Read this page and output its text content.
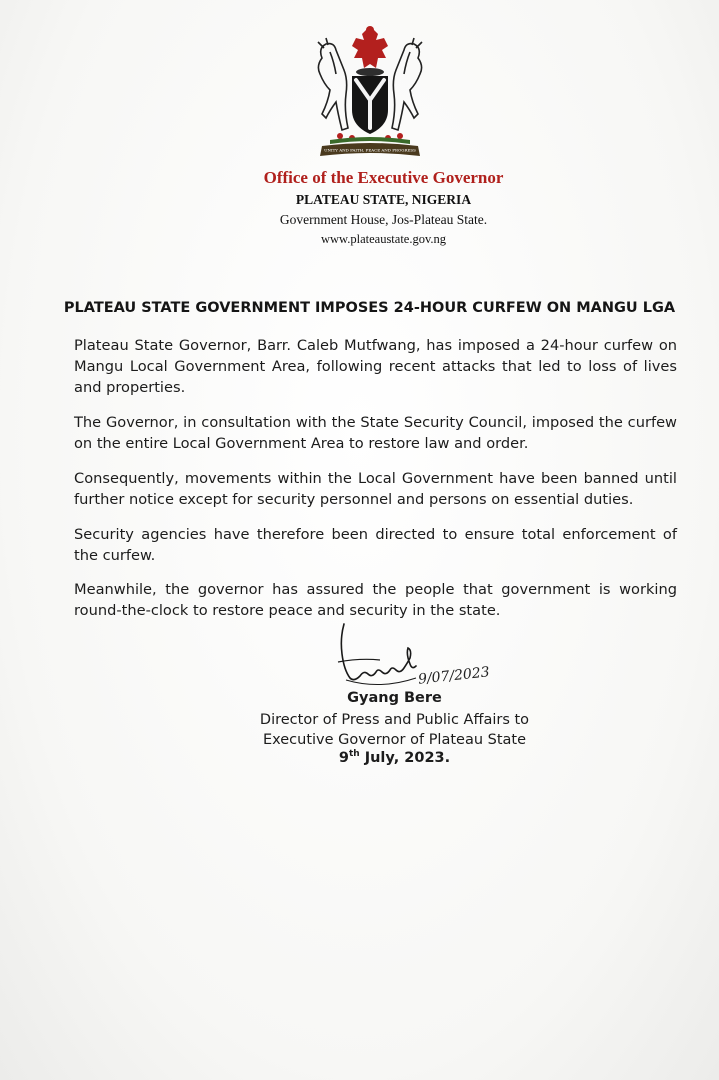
UNITY AND FAITH, PEACE AND PROGRESS
Office of the Executive Governor
PLATEAU STATE, NIGERIA
Government House, Jos-Plateau State.
www.plateaustate.gov.ng
PLATEAU STATE GOVERNMENT IMPOSES 24-HOUR CURFEW ON MANGU LGA
Plateau State Governor, Barr. Caleb Mutfwang, has imposed a 24-hour curfew on Mangu Local Government Area, following recent attacks that led to loss of lives and properties.
The Governor, in consultation with the State Security Council, imposed the curfew on the entire Local Government Area to restore law and order.
Consequently, movements within the Local Government have been banned until further notice except for security personnel and persons on essential duties.
Security agencies have therefore been directed to ensure total enforcement of the curfew.
Meanwhile, the governor has assured the people that government is working round-the-clock to restore peace and security in the state.
9/07/2023
Gyang Bere
Director of Press and Public Affairs to
Executive Governor of Plateau State
9th July, 2023.
